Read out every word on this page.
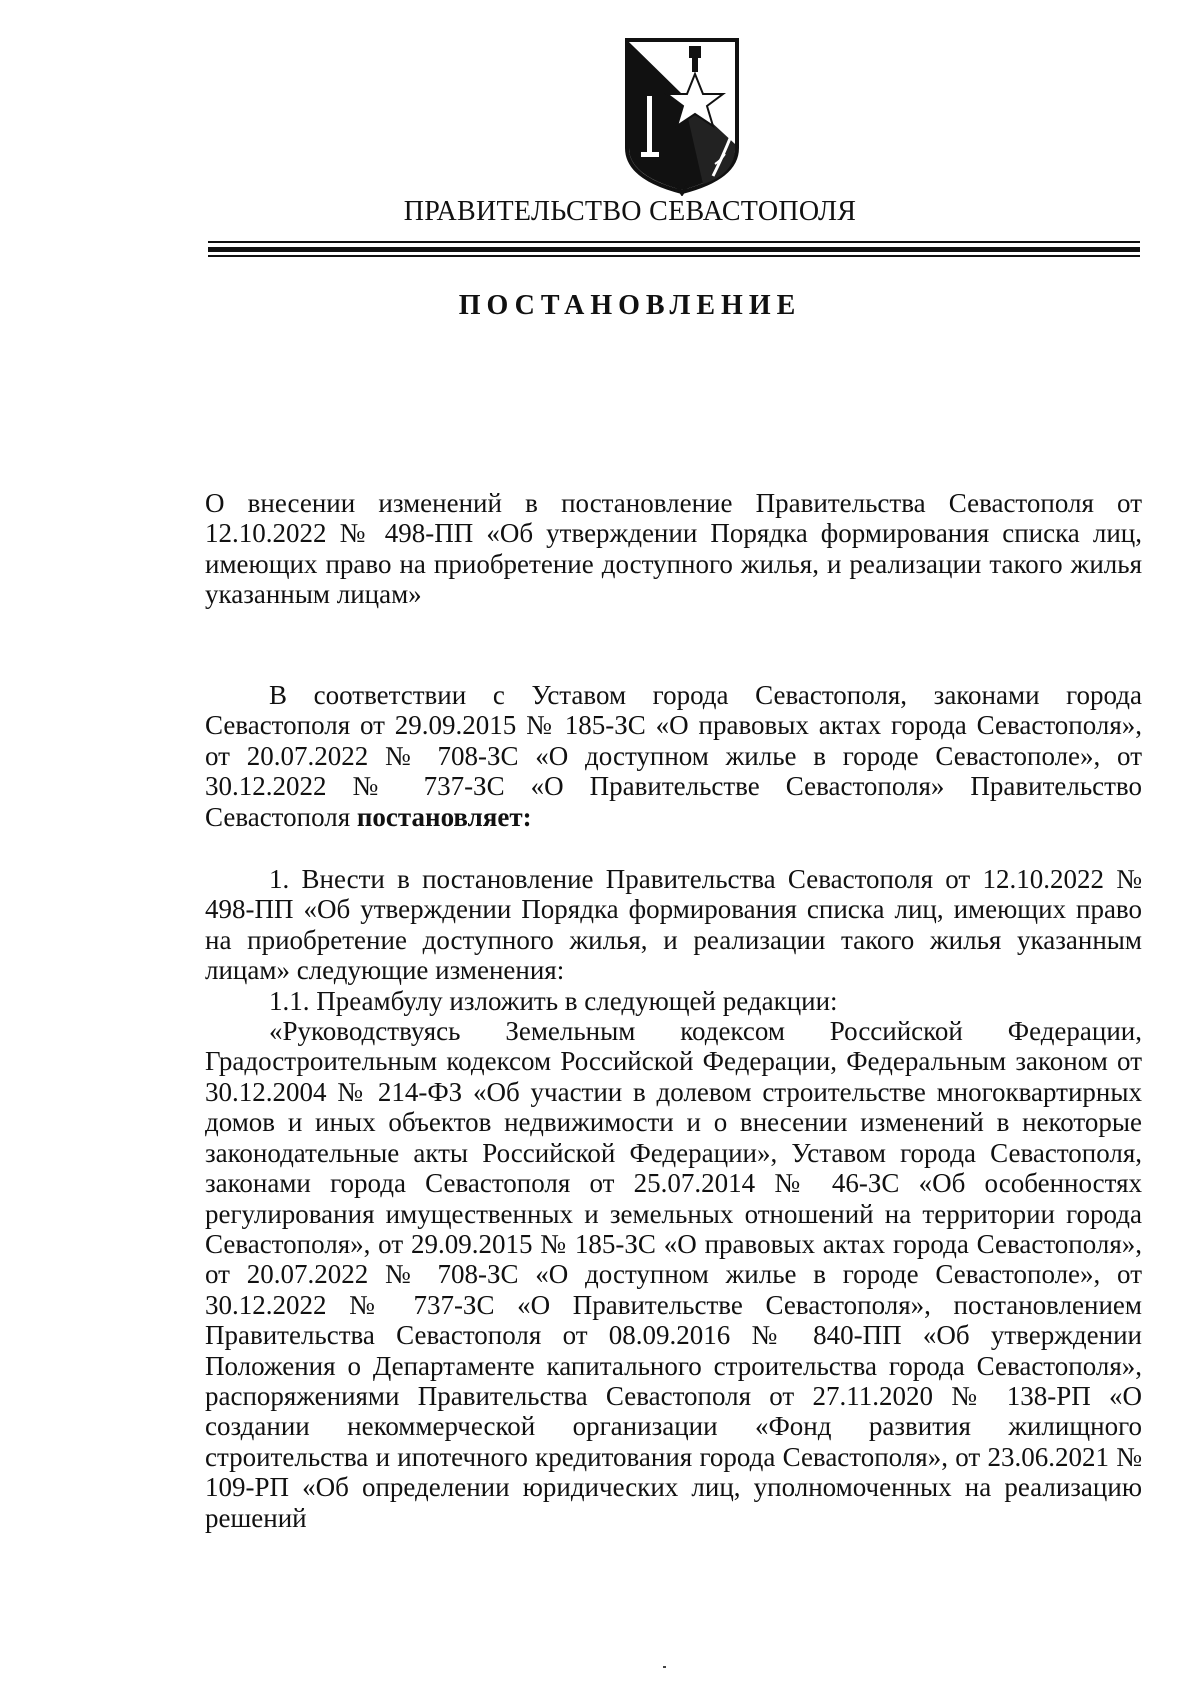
ПРАВИТЕЛЬСТВО СЕВАСТОПОЛЯ
ПОСТАНОВЛЕНИЕ

О внесении изменений в постановление Правительства Севастополя от 12.10.2022 № 498-ПП «Об утверждении Порядка формирования списка лиц, имеющих право на приобретение доступного жилья, и реализации такого жилья указанным лицам»

В соответствии с Уставом города Севастополя, законами города Севастополя от 29.09.2015 № 185-ЗС «О правовых актах города Севастополя», от 20.07.2022 № 708-ЗС «О доступном жилье в городе Севастополе», от 30.12.2022 № 737-ЗС «О Правительстве Севастополя» Правительство Севастополя постановляет:

1. Внести в постановление Правительства Севастополя от 12.10.2022 № 498-ПП «Об утверждении Порядка формирования списка лиц, имеющих право на приобретение доступного жилья, и реализации такого жилья указанным лицам» следующие изменения:

1.1. Преамбулу изложить в следующей редакции:

«Руководствуясь Земельным кодексом Российской Федерации, Градостроительным кодексом Российской Федерации, Федеральным законом от 30.12.2004 № 214-ФЗ «Об участии в долевом строительстве многоквартирных домов и иных объектов недвижимости и о внесении изменений в некоторые законодательные акты Российской Федерации», Уставом города Севастополя, законами города Севастополя от 25.07.2014 № 46-ЗС «Об особенностях регулирования имущественных и земельных отношений на территории города Севастополя», от 29.09.2015 № 185-ЗС «О правовых актах города Севастополя», от 20.07.2022 № 708-ЗС «О доступном жилье в городе Севастополе», от 30.12.2022 № 737-ЗС «О Правительстве Севастополя», постановлением Правительства Севастополя от 08.09.2016 № 840-ПП «Об утверждении Положения о Департаменте капитального строительства города Севастополя», распоряжениями Правительства Севастополя от 27.11.2020 № 138-РП «О создании некоммерческой организации «Фонд развития жилищного строительства и ипотечного кредитования города Севастополя», от 23.06.2021 № 109-РП «Об определении юридических лиц, уполномоченных на реализацию решений
